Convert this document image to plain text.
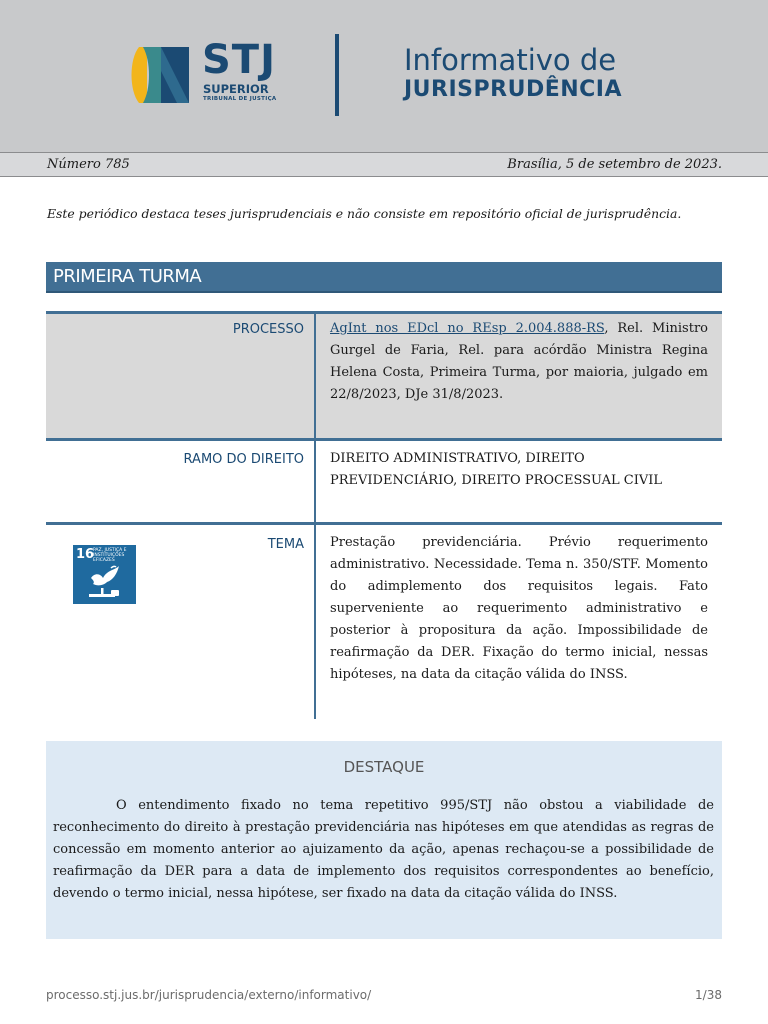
STJ
SUPERIOR
TRIBUNAL DE JUSTIÇA
Informativo de
JURISPRUDÊNCIA
Número 785	Brasília, 5 de setembro de 2023.
Este periódico destaca teses jurisprudenciais e não consiste em repositório oficial de jurisprudência.
PRIMEIRA TURMA
PROCESSO AgInt nos EDcl no REsp 2.004.888-RS, Rel. Ministro Gurgel de Faria, Rel. para acórdão Ministra Regina Helena Costa, Primeira Turma, por maioria, julgado em 22/8/2023, DJe 31/8/2023.
RAMO DO DIREITO DIREITO ADMINISTRATIVO, DIREITO PREVIDENCIÁRIO, DIREITO PROCESSUAL CIVIL
TEMA Prestação previdenciária. Prévio requerimento administrativo. Necessidade. Tema n. 350/STF. Momento do adimplemento dos requisitos legais. Fato superveniente ao requerimento administrativo e posterior à propositura da ação. Impossibilidade de reafirmação da DER. Fixação do termo inicial, nessas hipóteses, na data da citação válida do INSS.
16
PAZ, JUSTIÇA E INSTITUIÇÕES EFICAZES
DESTAQUE
O entendimento fixado no tema repetitivo 995/STJ não obstou a viabilidade de reconhecimento do direito à prestação previdenciária nas hipóteses em que atendidas as regras de concessão em momento anterior ao ajuizamento da ação, apenas rechaçou-se a possibilidade de reafirmação da DER para a data de implemento dos requisitos correspondentes ao benefício, devendo o termo inicial, nessa hipótese, ser fixado na data da citação válida do INSS.
processo.stj.jus.br/jurisprudencia/externo/informativo/	1/38
